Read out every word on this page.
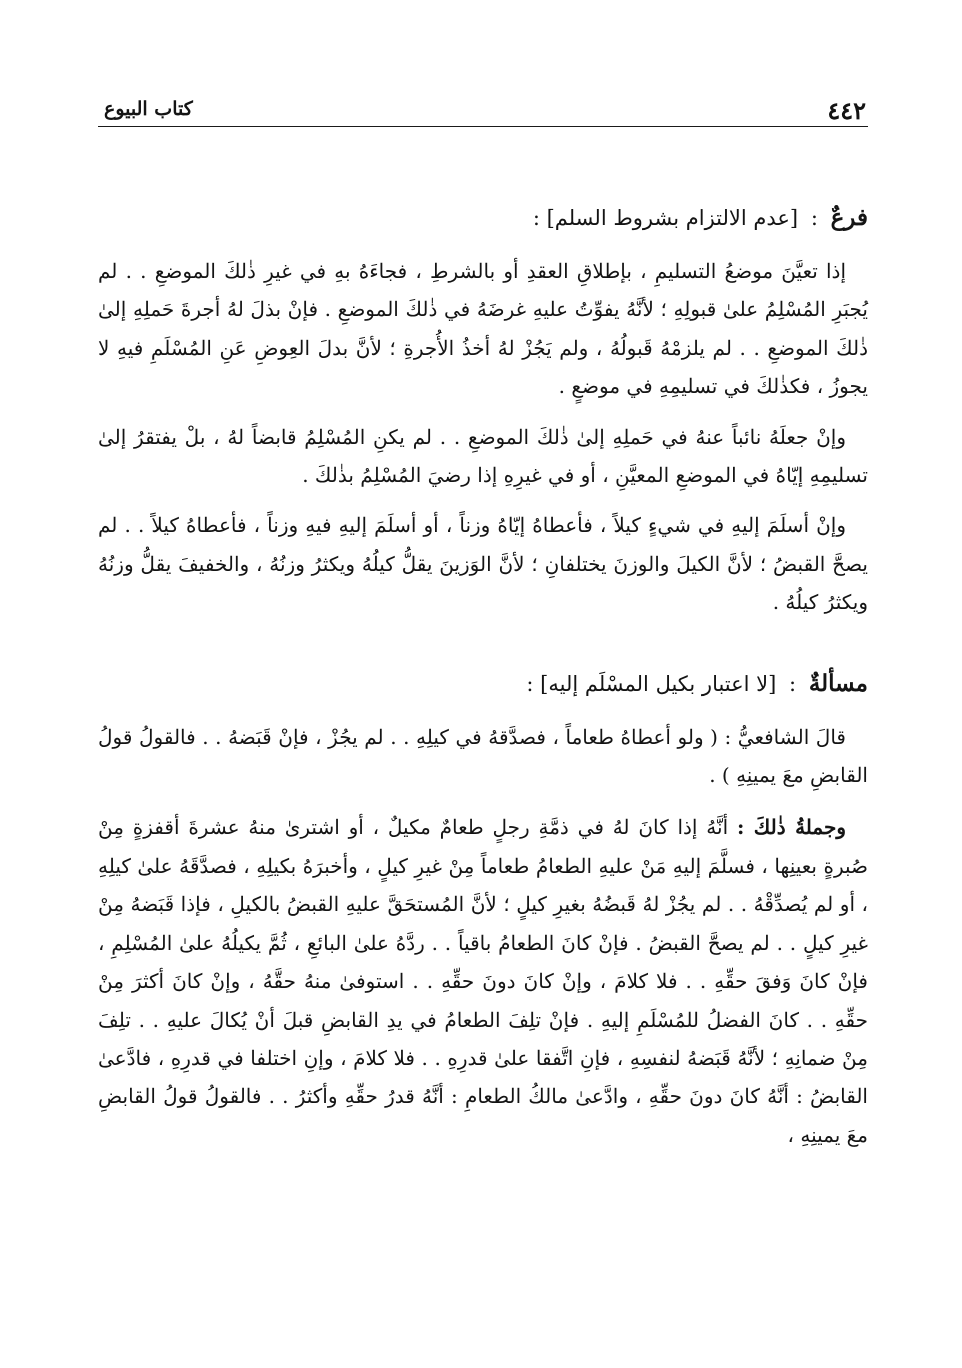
٤٤٢
كتاب البيوع
فرعٌ : [عدم الالتزام بشروط السلم] :

إذا تعيَّنَ موضعُ التسليمِ ، بإطلاقِ العقدِ أو بالشرطِ ، فجاءَهُ بهِ في غيرِ ذٰلكَ الموضعِ . . لم يُجبَرِ المُسْلِمُ علىٰ قبولِهِ ؛ لأنَّهُ يفوِّتُ عليهِ غرضَهُ في ذٰلكَ الموضعِ . فإنْ بذلَ لهُ أجرةَ حَملِهِ إلىٰ ذٰلكَ الموضعِ . . لم يلزمْهُ قَبولُهُ ، ولم يَجُزْ لهُ أخذُ الأُجرةِ ؛ لأنَّ بدلَ العِوضِ عَنِ المُسْلَمِ فيهِ لا يجوزُ ، فكذٰلكَ في تسليمِهِ في موضعٍ .

وإنْ جعلَهُ نائباً عنهُ في حَملِهِ إلىٰ ذٰلكَ الموضعِ . . لم يكنِ المُسْلِمُ قابضاً لهُ ، بلْ يفتقرُ إلىٰ تسليمِهِ إيّاهُ في الموضعِ المعيَّنِ ، أو في غيرِهِ إذا رضيَ المُسْلِمُ بذٰلكَ .

وإنْ أسلَمَ إليهِ في شيءٍ كيلاً ، فأعطاهُ إيّاهُ وزناً ، أو أسلَمَ إليهِ فيهِ وزناً ، فأعطاهُ كيلاً . . لم يصحَّ القبضُ ؛ لأنَّ الكيلَ والوزنَ يختلفانِ ؛ لأنَّ الوَزينَ يقلُّ كيلُهُ ويكثرُ وزنُهُ ، والخفيفَ يقلُّ وزنُهُ ويكثرُ كيلُهُ .

مسألةٌ : [لا اعتبار بكيل المسْلَم إليه] :

قالَ الشافعيُّ : ( ولو أعطاهُ طعاماً ، فصدَّقهُ في كيلِهِ . . لم يجُزْ ، فإنْ قَبَضهُ . . فالقولُ قولُ القابضِ معَ يمينِهِ ) .

وجملةُ ذٰلكَ : أنَّهُ إذا كانَ لهُ في ذمَّةِ رجلٍ طعامٌ مكيلٌ ، أو اشترىٰ منهُ عشرةَ أقفزةٍ مِنْ صُبرةٍ بعينِها ، فسلَّمَ إليهِ مَنْ عليهِ الطعامُ طعاماً مِنْ غيرِ كيلٍ ، وأخبرَهُ بكيلِهِ ، فصدَّقَهُ علىٰ كيلِهِ ، أو لم يُصدِّقْهُ . . لم يجُزْ لهُ قَبضُهُ بغيرِ كيلٍ ؛ لأنَّ المُستحَقَّ عليهِ القبضُ بالكيلِ ، فإذا قَبَضهُ مِنْ غيرِ كيلٍ . . لم يصحَّ القبضُ . فإنْ كانَ الطعامُ باقياً . . ردَّهُ علىٰ البائعِ ، ثُمَّ يكيلُهُ علىٰ المُسْلِمِ ، فإنْ كانَ وَفقَ حقِّهِ . . فلا كلامَ ، وإنْ كانَ دونَ حقِّهِ . . استوفىٰ منهُ حقَّهُ ، وإنْ كانَ أكثرَ مِنْ حقِّهِ . . كانَ الفضلُ للمُسْلَمِ إليهِ . فإنْ تلِفَ الطعامُ في يدِ القابضِ قبلَ أنْ يُكالَ عليهِ . . تلِفَ مِنْ ضمانِهِ ؛ لأنَّهُ قَبَضهُ لنفسِهِ ، فإنِ اتَّفقا علىٰ قدرِهِ . . فلا كلامَ ، وإنِ اختلفا في قدرِهِ ، فادَّعىٰ القابضُ : أنَّهُ كانَ دونَ حقِّهِ ، وادَّعىٰ مالكُ الطعامِ : أنَّهُ قدرُ حقِّهِ وأكثرُ . . فالقولُ قولُ القابضِ معَ يمينِهِ ،
